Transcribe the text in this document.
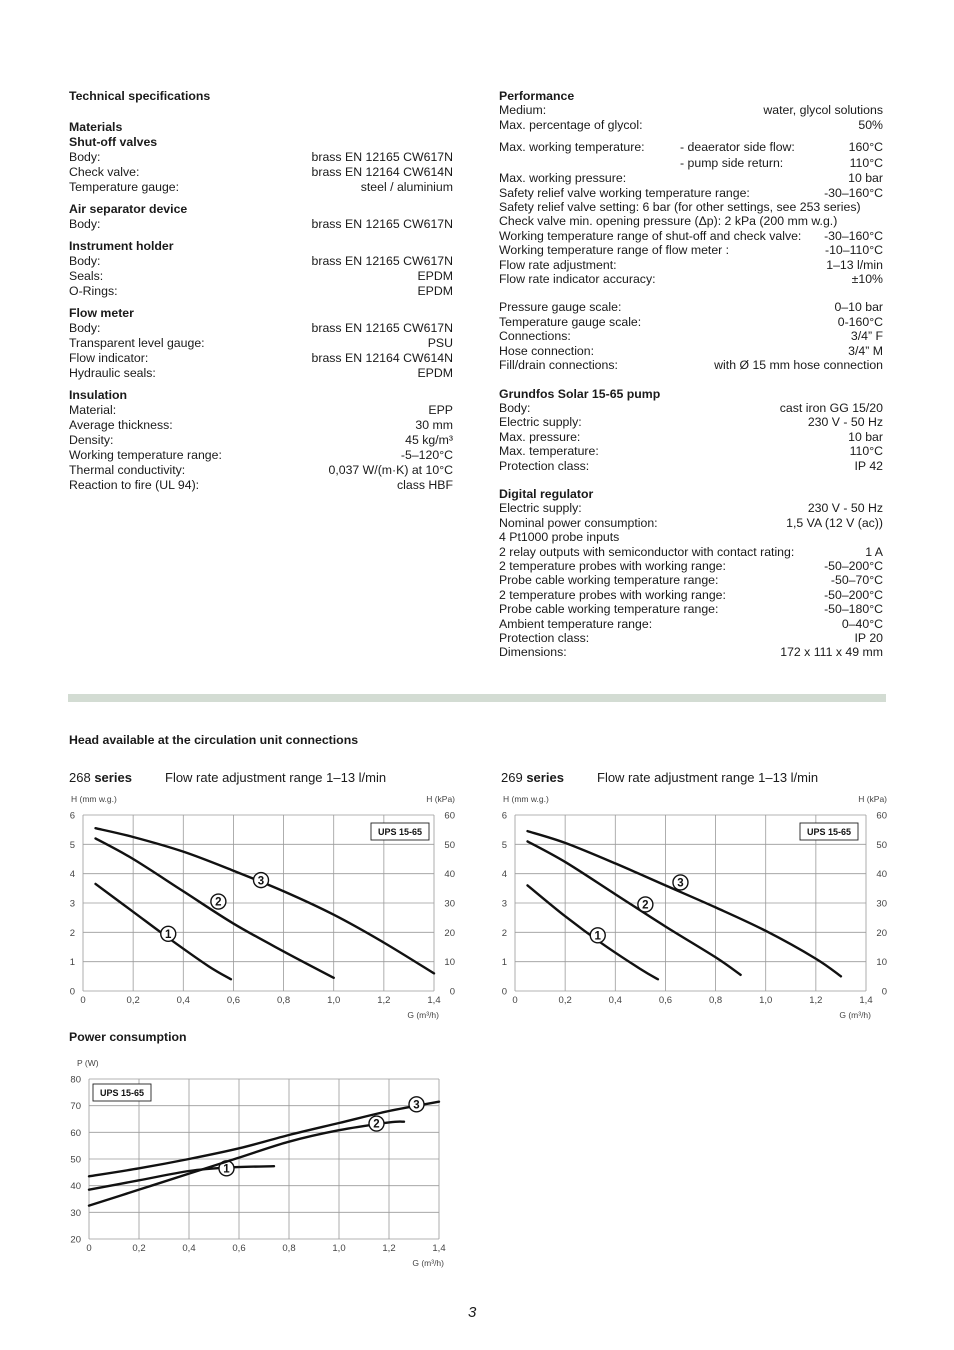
Technical specifications
Materials
Shut-off valves
Body:	brass EN 12165 CW617N
Check valve:	brass EN 12164 CW614N
Temperature gauge:	steel / aluminium
Air separator device
Body:	brass EN 12165 CW617N
Instrument holder
Body:	brass EN 12165 CW617N
Seals:	EPDM
O-Rings:	EPDM
Flow meter
Body:	brass EN 12165 CW617N
Transparent level gauge:	PSU
Flow indicator:	brass EN 12164 CW614N
Hydraulic seals:	EPDM
Insulation
Material:	EPP
Average thickness:	30 mm
Density:	45 kg/m³
Working temperature range:	-5–120°C
Thermal conductivity:	0,037 W/(m·K) at 10°C
Reaction to fire (UL 94):	class HBF
Performance
Medium:	water, glycol solutions
Max. percentage of glycol:	50%
Max. working temperature:	- deaerator side flow:	160°C
- pump side return:	110°C
Max. working pressure:	10 bar
Safety relief valve working temperature range:	-30–160°C
Safety relief valve setting: 6 bar (for other settings, see 253 series)
Check valve min. opening pressure (Δp): 2 kPa (200 mm w.g.)
Working temperature range of shut-off and check valve: -30–160°C
Working temperature range of flow meter :	-10–110°C
Flow rate adjustment:	1–13 l/min
Flow rate indicator accuracy:	±10%
Pressure gauge scale:	0–10 bar
Temperature gauge scale:	0-160°C
Connections:	3/4” F
Hose connection:	3/4” M
Fill/drain connections:	with Ø 15 mm hose connection
Grundfos Solar 15-65 pump
Body:	cast iron GG 15/20
Electric supply:	230 V - 50 Hz
Max. pressure:	10 bar
Max. temperature:	110°C
Protection class:	IP 42
Digital regulator
Electric supply:	230 V - 50 Hz
Nominal power consumption:	1,5 VA (12 V (ac))
4 Pt1000 probe inputs
2 relay outputs with semiconductor with contact rating:	1 A
2 temperature probes with working range:	-50–200°C
Probe cable working temperature range:	-50–70°C
2 temperature probes with working range:	-50–200°C
Probe cable working temperature range:	-50–180°C
Ambient temperature range:	0–40°C
Protection class:	IP 20
Dimensions:	172 x 111 x 49 mm
Head available at the circulation unit connections
268 series	Flow rate adjustment range 1–13 l/min	269 series	Flow rate adjustment range 1–13 l/min
0	0,2	0,4	0,6	0,8	1,0	1,2	1,4
0
1
2
3
4
5
6
0
10
20
30
40
50
60
H (mm w.g.)	H (kPa)
G (m³/h)
UPS 15-65
1
2
3
0	0,2	0,4	0,6	0,8	1,0	1,2	1,4
0
1
2
3
4
5
6
0
10
20
30
40
50
60
H (mm w.g.)	H (kPa)
G (m³/h)
UPS 15-65
1
2
3
Power consumption
0	0,2	0,4	0,6	0,8	1,0	1,2	1,4
20
30
40
50
60
70
80
P (W)
G (m³/h)
UPS 15-65
1
2
3
3
